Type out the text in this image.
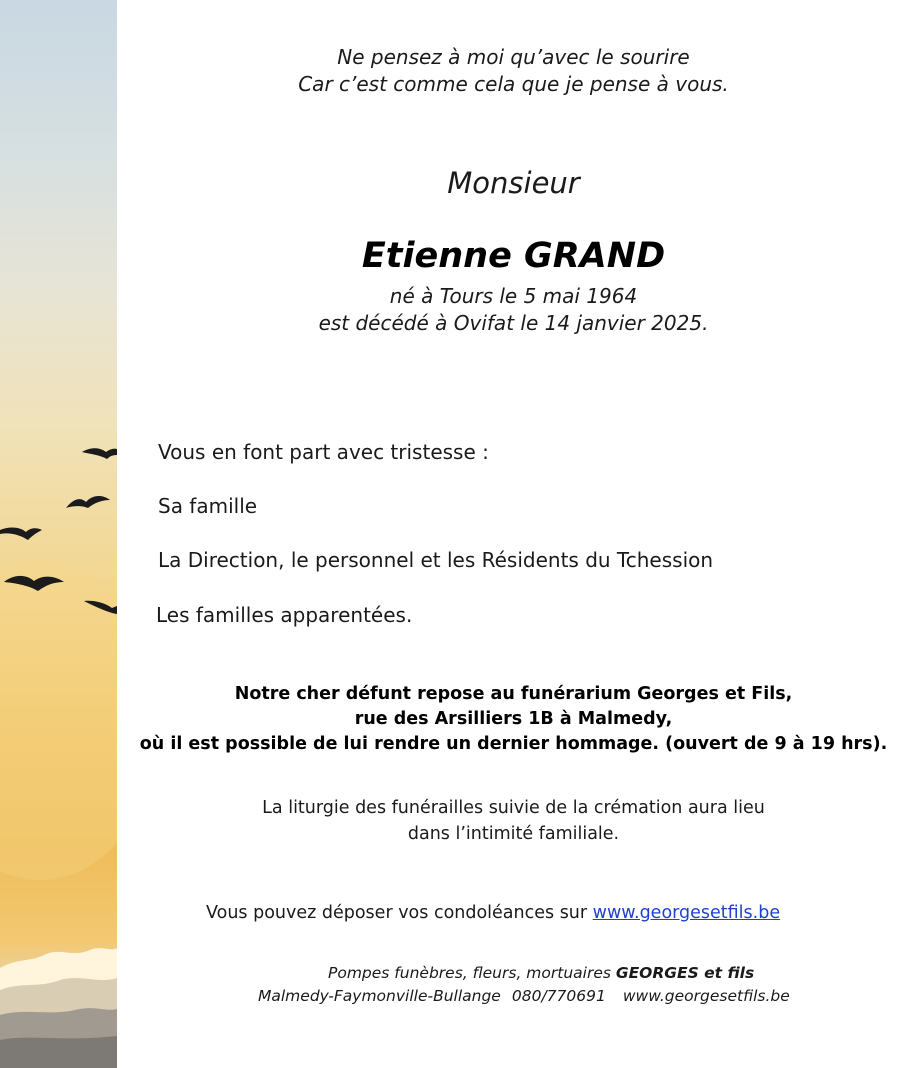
Ne pensez à moi qu’avec le sourire

Car c’est comme cela que je pense à vous.

Monsieur

Etienne GRAND

né à Tours le 5 mai 1964

est décédé à Ovifat le 14 janvier 2025.

Vous en font part avec tristesse :

Sa famille

La Direction, le personnel et les Résidents du Tchession

Les familles apparentées.

Notre cher défunt repose au funérarium Georges et Fils,

rue des Arsilliers 1B à Malmedy,

où il est possible de lui rendre un dernier hommage. (ouvert de 9 à 19 hrs).

La liturgie des funérailles suivie de la crémation aura lieu

dans l’intimité familiale.

Vous pouvez déposer vos condoléances sur www.georgesetfils.be

Pompes funèbres, fleurs, mortuaires GEORGES et fils

Malmedy-Faymonville-Bullange 080/770691 www.georgesetfils.be
